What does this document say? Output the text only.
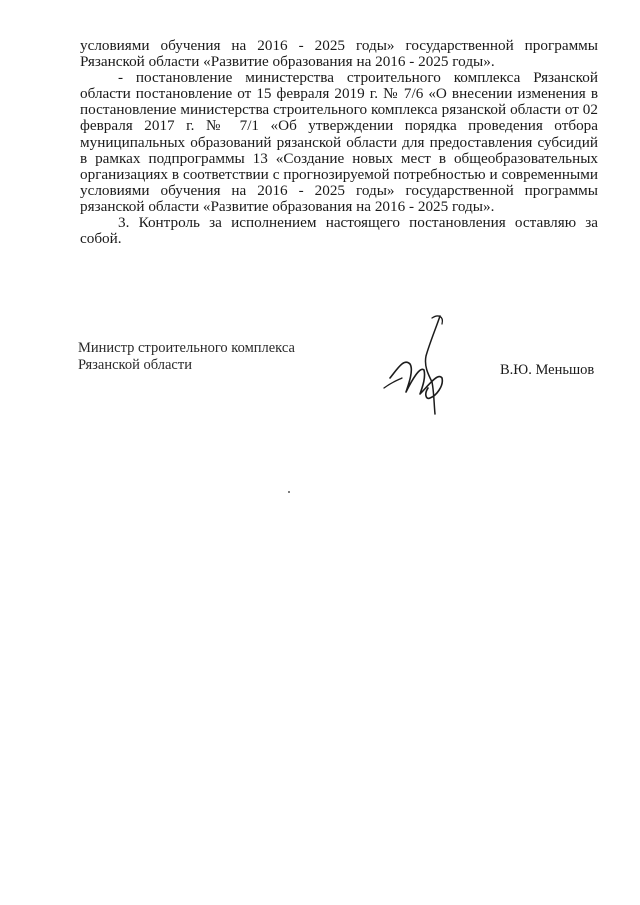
условиями обучения на 2016 - 2025 годы» государственной программы Рязанской области «Развитие образования на 2016 - 2025 годы».

- постановление министерства строительного комплекса Рязанской области постановление от 15 февраля 2019 г. № 7/6 «О внесении изменения в постановление министерства строительного комплекса рязанской области от 02 февраля 2017 г. № 7/1 «Об утверждении порядка проведения отбора муниципальных образований рязанской области для предоставления субсидий в рамках подпрограммы 13 «Создание новых мест в общеобразовательных организациях в соответствии с прогнозируемой потребностью и современными условиями обучения на 2016 - 2025 годы» государственной программы рязанской области «Развитие образования на 2016 - 2025 годы».

3. Контроль за исполнением настоящего постановления оставляю за собой.

Министр строительного комплекса
Рязанской области	В.Ю. Меньшов
